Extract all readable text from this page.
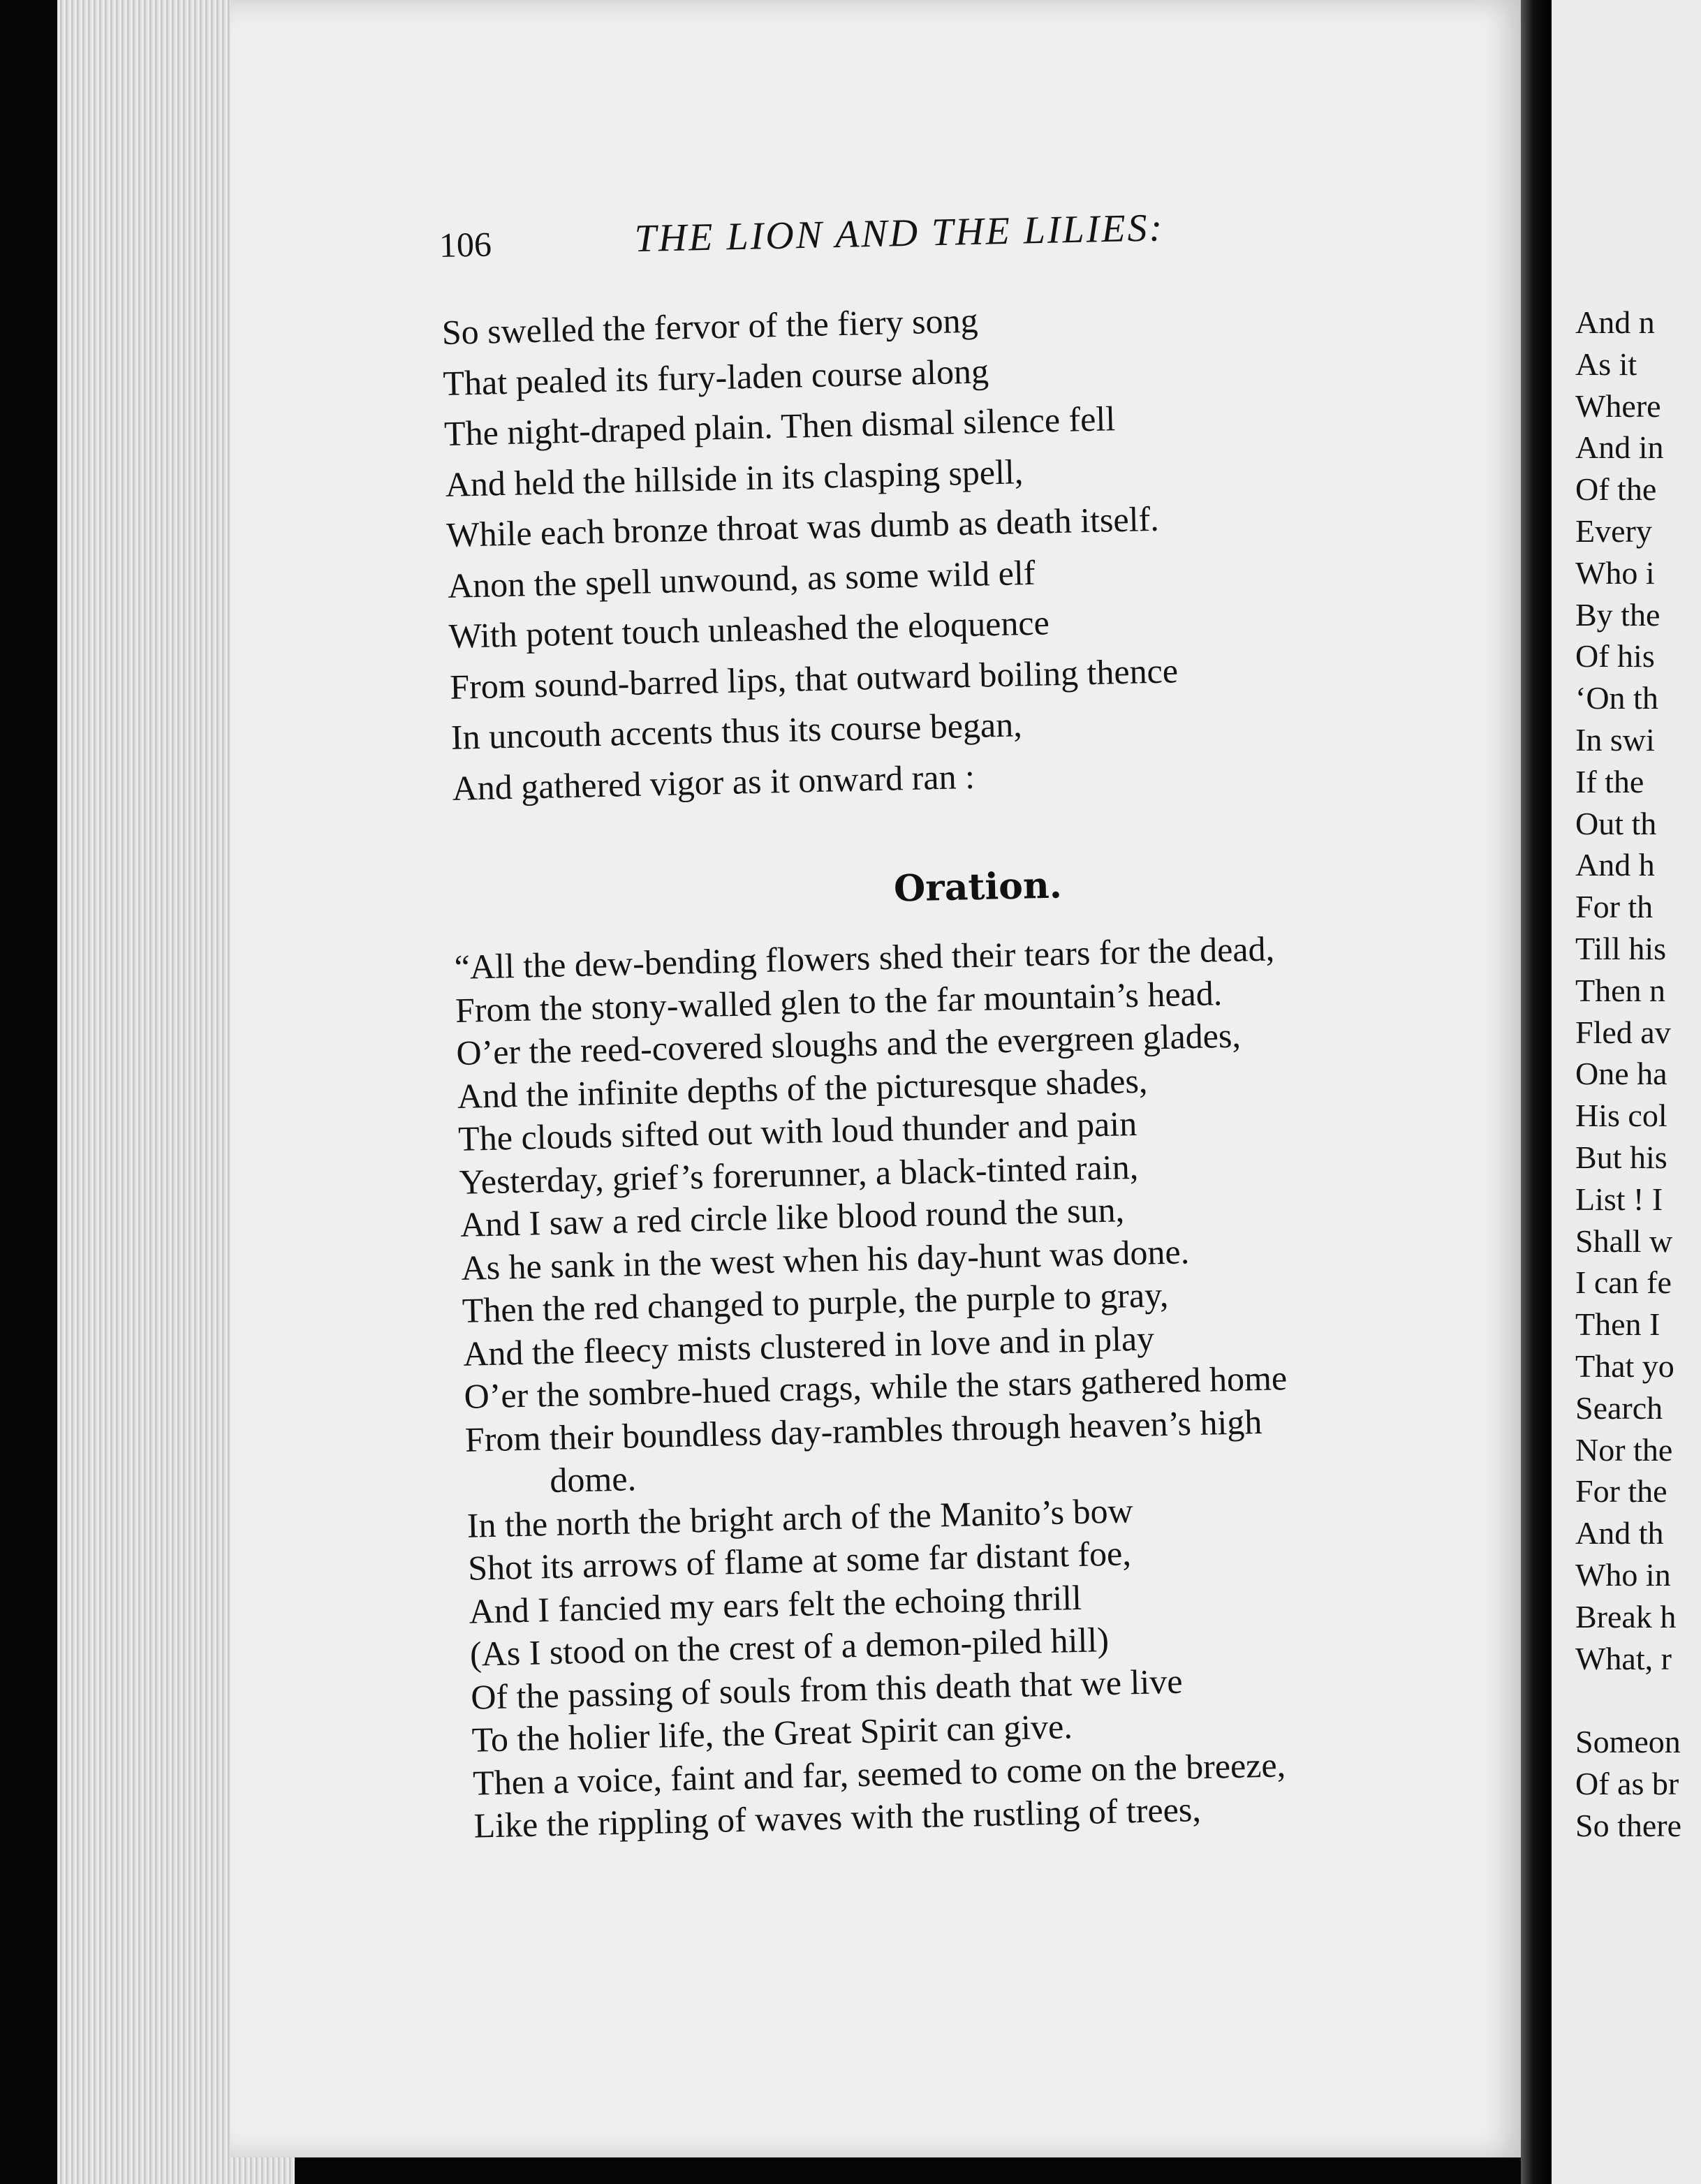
106	THE LION AND THE LILIES:
So swelled the fervor of the fiery song
That pealed its fury-laden course along
The night-draped plain. Then dismal silence fell
And held the hillside in its clasping spell,
While each bronze throat was dumb as death itself.
Anon the spell unwound, as some wild elf
With potent touch unleashed the eloquence
From sound-barred lips, that outward boiling thence
In uncouth accents thus its course began,
And gathered vigor as it onward ran :
Oration.
“All the dew-bending flowers shed their tears for the dead,
From the stony-walled glen to the far mountain’s head.
O’er the reed-covered sloughs and the evergreen glades,
And the infinite depths of the picturesque shades,
The clouds sifted out with loud thunder and pain
Yesterday, grief’s forerunner, a black-tinted rain,
And I saw a red circle like blood round the sun,
As he sank in the west when his day-hunt was done.
Then the red changed to purple, the purple to gray,
And the fleecy mists clustered in love and in play
O’er the sombre-hued crags, while the stars gathered home
From their boundless day-rambles through heaven’s high
dome.
In the north the bright arch of the Manito’s bow
Shot its arrows of flame at some far distant foe,
And I fancied my ears felt the echoing thrill
(As I stood on the crest of a demon-piled hill)
Of the passing of souls from this death that we live
To the holier life, the Great Spirit can give.
Then a voice, faint and far, seemed to come on the breeze,
Like the rippling of waves with the rustling of trees,
And n
As it
Where
And in
Of the
Every
Who i
By the
Of his
‘On th
In swi
If the
Out th
And h
For th
Till his
Then n
Fled av
One ha
His col
But his
List ! I
Shall w
I can fe
Then I
That yo
Search
Nor the
For the
And th
Who in
Break h
What, r
Someon
Of as br
So there
